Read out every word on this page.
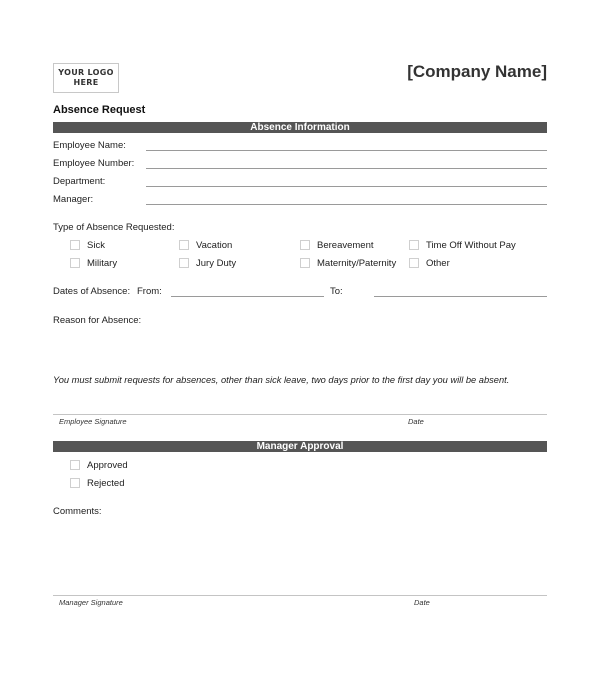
YOUR LOGO
HERE
[Company Name]
Absence Request
Absence Information
Employee Name:
Employee Number:
Department:
Manager:
Type of Absence Requested:
Sick	Vacation	Bereavement	Time Off Without Pay
Military	Jury Duty	Maternity/Paternity	Other
Dates of Absence: From:	To:
Reason for Absence:
You must submit requests for absences, other than sick leave, two days prior to the first day you will be absent.
Employee Signature	Date
Manager Approval
Approved
Rejected
Comments:
Manager Signature	Date
